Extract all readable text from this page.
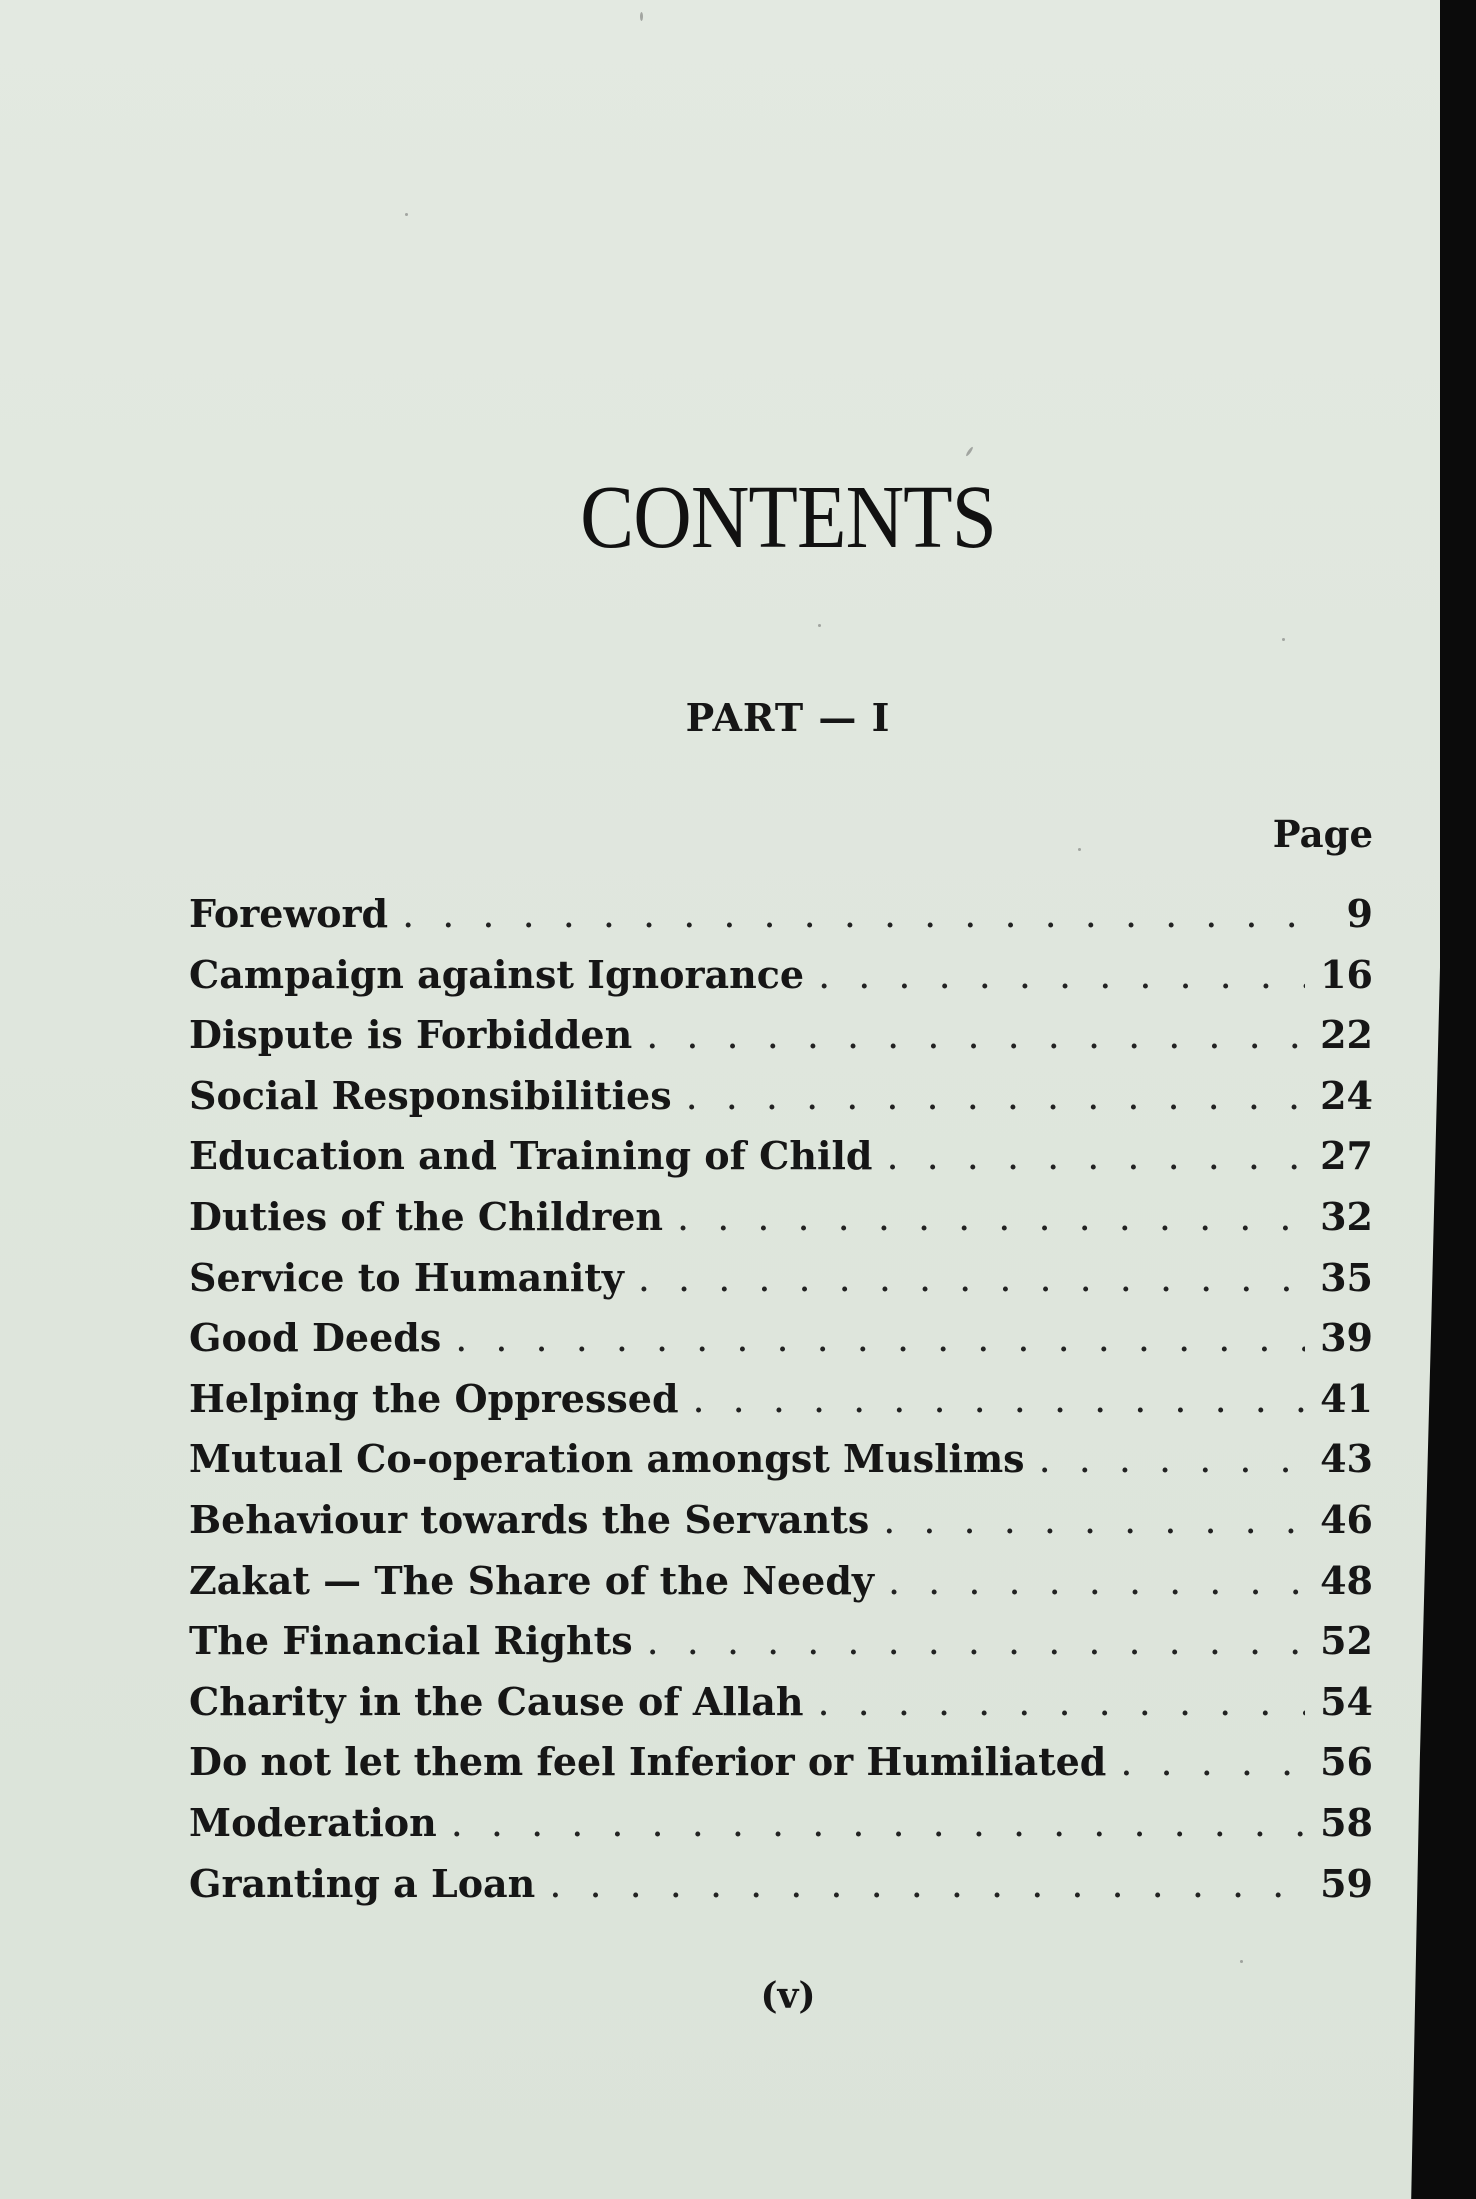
CONTENTS
PART — I
Page
Foreword . . .	9
Campaign against Ignorance . . .	16
Dispute is Forbidden . . .	22
Social Responsibilities . . .	24
Education and Training of Child . . .	27
Duties of the Children . . .	32
Service to Humanity . . .	35
Good Deeds . . .	39
Helping the Oppressed . . .	41
Mutual Co-operation amongst Muslims . . .	43
Behaviour towards the Servants . . .	46
Zakat — The Share of the Needy . . .	48
The Financial Rights . . .	52
Charity in the Cause of Allah . . .	54
Do not let them feel Inferior or Humiliated . . .	56
Moderation . . .	58
Granting a Loan . . .	59
(v)
